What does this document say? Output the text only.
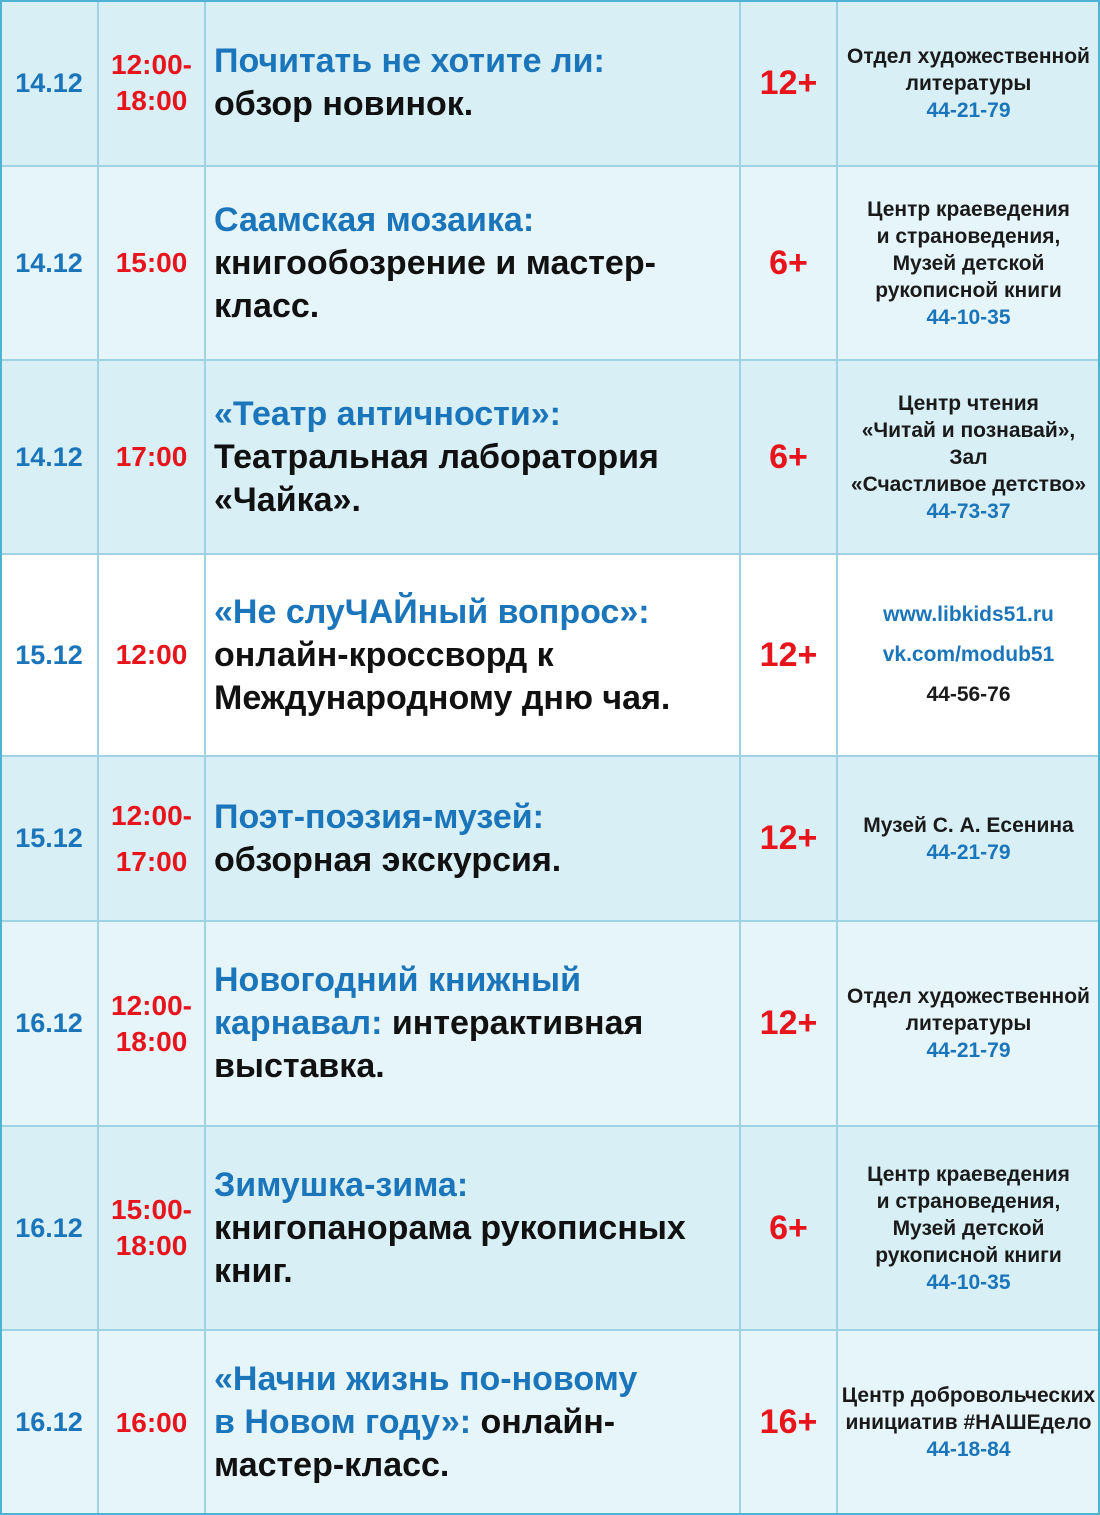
14.12
12:00-
18:00
Почитать не хотите ли:
обзор новинок.
12+
Отдел художественной
литературы
44-21-79
14.12 15:00
Саамская мозаика:
книгообозрение и мастер-
класс.
6+
Центр краеведения
и страноведения,
Музей детской
рукописной книги
44-10-35
14.12 17:00
«Театр античности»:
Театральная лаборатория
«Чайка».
6+
Центр чтения
«Читай и познавай»,
Зал
«Счастливое детство»
44-73-37
15.12 12:00
«Не слуЧАЙный вопрос»:
онлайн-кроссворд к
Международному дню чая.
12+
www.libkids51.ru
vk.com/modub51
44-56-76
15.12
12:00-
17:00
Поэт-поэзия-музей:
обзорная экскурсия.
12+ Музей С. А. Есенина
44-21-79
16.12
12:00-
18:00
Новогодний книжный
карнавал: интерактивная
выставка.
12+
Отдел художественной
литературы
44-21-79
16.12
15:00-
18:00
Зимушка-зима:
книгопанорама рукописных
книг.
6+
Центр краеведения
и страноведения,
Музей детской
рукописной книги
44-10-35
16.12 16:00
«Начни жизнь по-новому
в Новом году»: онлайн-
мастер-класс.
16+
Центр добровольческих
инициатив #НАШЕдело
44-18-84
